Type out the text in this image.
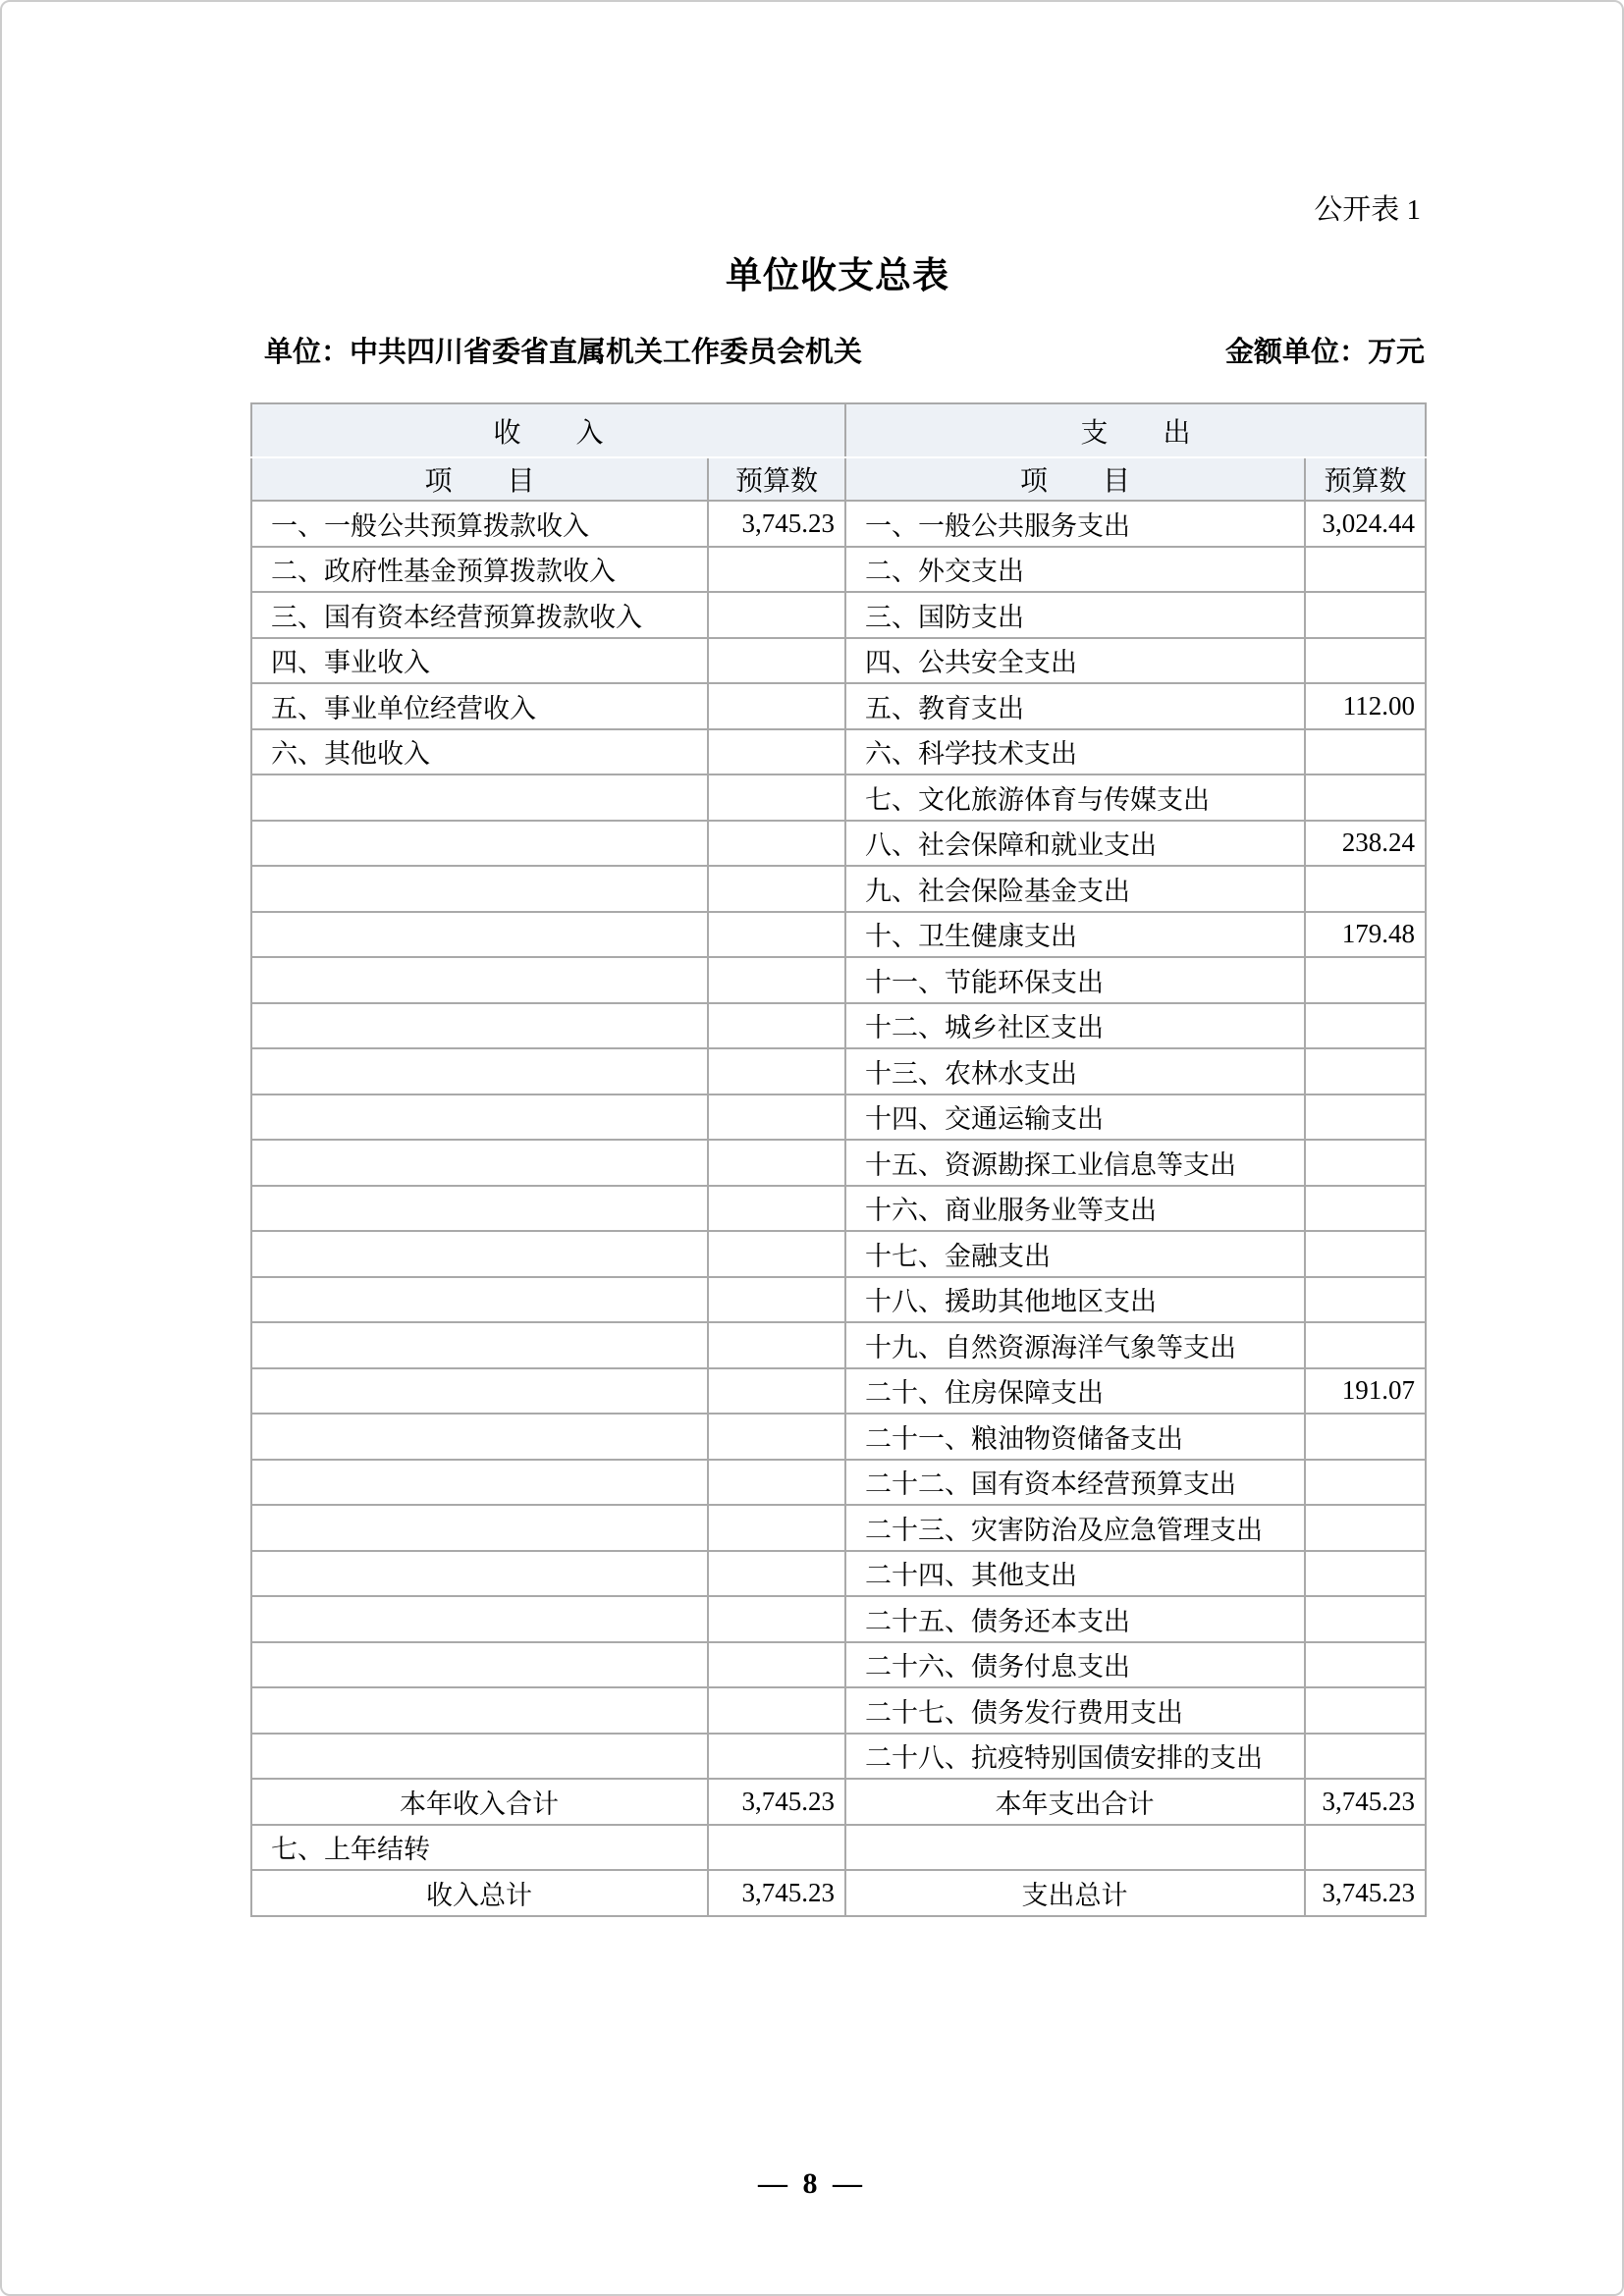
公开表 1
单位收支总表
单位：中共四川省委省直属机关工作委员会机关	金额单位：万元
收　　入		支　　出	
项　　目	预算数	项　　目	预算数
一、一般公共预算拨款收入	3,745.23	一、一般公共服务支出	3,024.44
二、政府性基金预算拨款收入		二、外交支出	
三、国有资本经营预算拨款收入		三、国防支出	
四、事业收入		四、公共安全支出	
五、事业单位经营收入		五、教育支出	112.00
六、其他收入		六、科学技术支出	
		七、文化旅游体育与传媒支出	
		八、社会保障和就业支出	238.24
		九、社会保险基金支出	
		十、卫生健康支出	179.48
		十一、节能环保支出	
		十二、城乡社区支出	
		十三、农林水支出	
		十四、交通运输支出	
		十五、资源勘探工业信息等支出	
		十六、商业服务业等支出	
		十七、金融支出	
		十八、援助其他地区支出	
		十九、自然资源海洋气象等支出	
		二十、住房保障支出	191.07
		二十一、粮油物资储备支出	
		二十二、国有资本经营预算支出	
		二十三、灾害防治及应急管理支出	
		二十四、其他支出	
		二十五、债务还本支出	
		二十六、债务付息支出	
		二十七、债务发行费用支出	
		二十八、抗疫特别国债安排的支出	
本年收入合计	3,745.23	本年支出合计	3,745.23
七、上年结转			
收入总计	3,745.23	支出总计	3,745.23
— 8 —
